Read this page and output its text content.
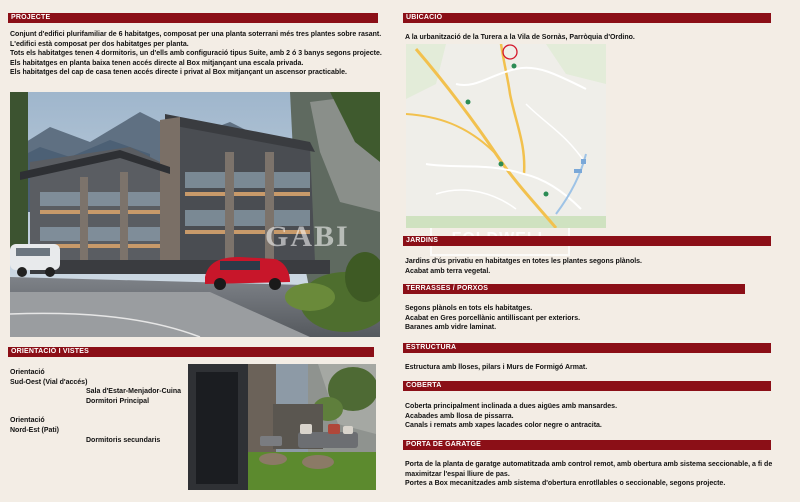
PROJECTE
Conjunt d'edifici plurifamiliar de 6 habitatges, composat per una planta soterrani més tres plantes sobre rasant.
L'edifici està composat per dos habitatges per planta.
Tots els habitatges tenen 4 dormitoris, un d'ells amb configuració tipus Suite, amb 2 ó 3 banys segons projecte.
Els habitatges en planta baixa tenen accés directe al Box mitjançant una escala privada.
Els habitatges del cap de casa tenen accés directe i privat al Box mitjançant un ascensor practicable.
GABI
ORIENTACIÓ I VISTES
Orientació
Sud-Oest (Vial d'accés)
Sala d'Estar-Menjador-Cuina
Dormitori Principal
Orientació
Nord-Est (Pati)
Dormitoris secundaris
UBICACIÓ
A la urbanització de la Turera a la Vila de Sornàs, Parròquia d'Ordino.
JARDINS
Jardins d'ús privatiu en habitatges en totes les plantes segons plànols.
Acabat amb terra vegetal.
TERRASSES / PORXOS
Segons plànols en tots els habitatges.
Acabat en Gres porcellànic antilliscant per exteriors.
Baranes amb vidre laminat.
ESTRUCTURA
Estructura amb lloses, pilars i Murs de Formigó Armat.
COBERTA
Coberta principalment inclinada a dues aigües amb mansardes.
Acabades amb llosa de pissarra.
Canals i remats amb xapes lacades color negre o antracita.
PORTA DE GARATGE
Porta de la planta de garatge automatitzada amb control remot, amb obertura amb sistema seccionable, a fi de
maximitzar l'espai lliure de pas.
Portes a Box mecanitzades amb sistema d'obertura enrotllables o seccionable, segons projecte.
